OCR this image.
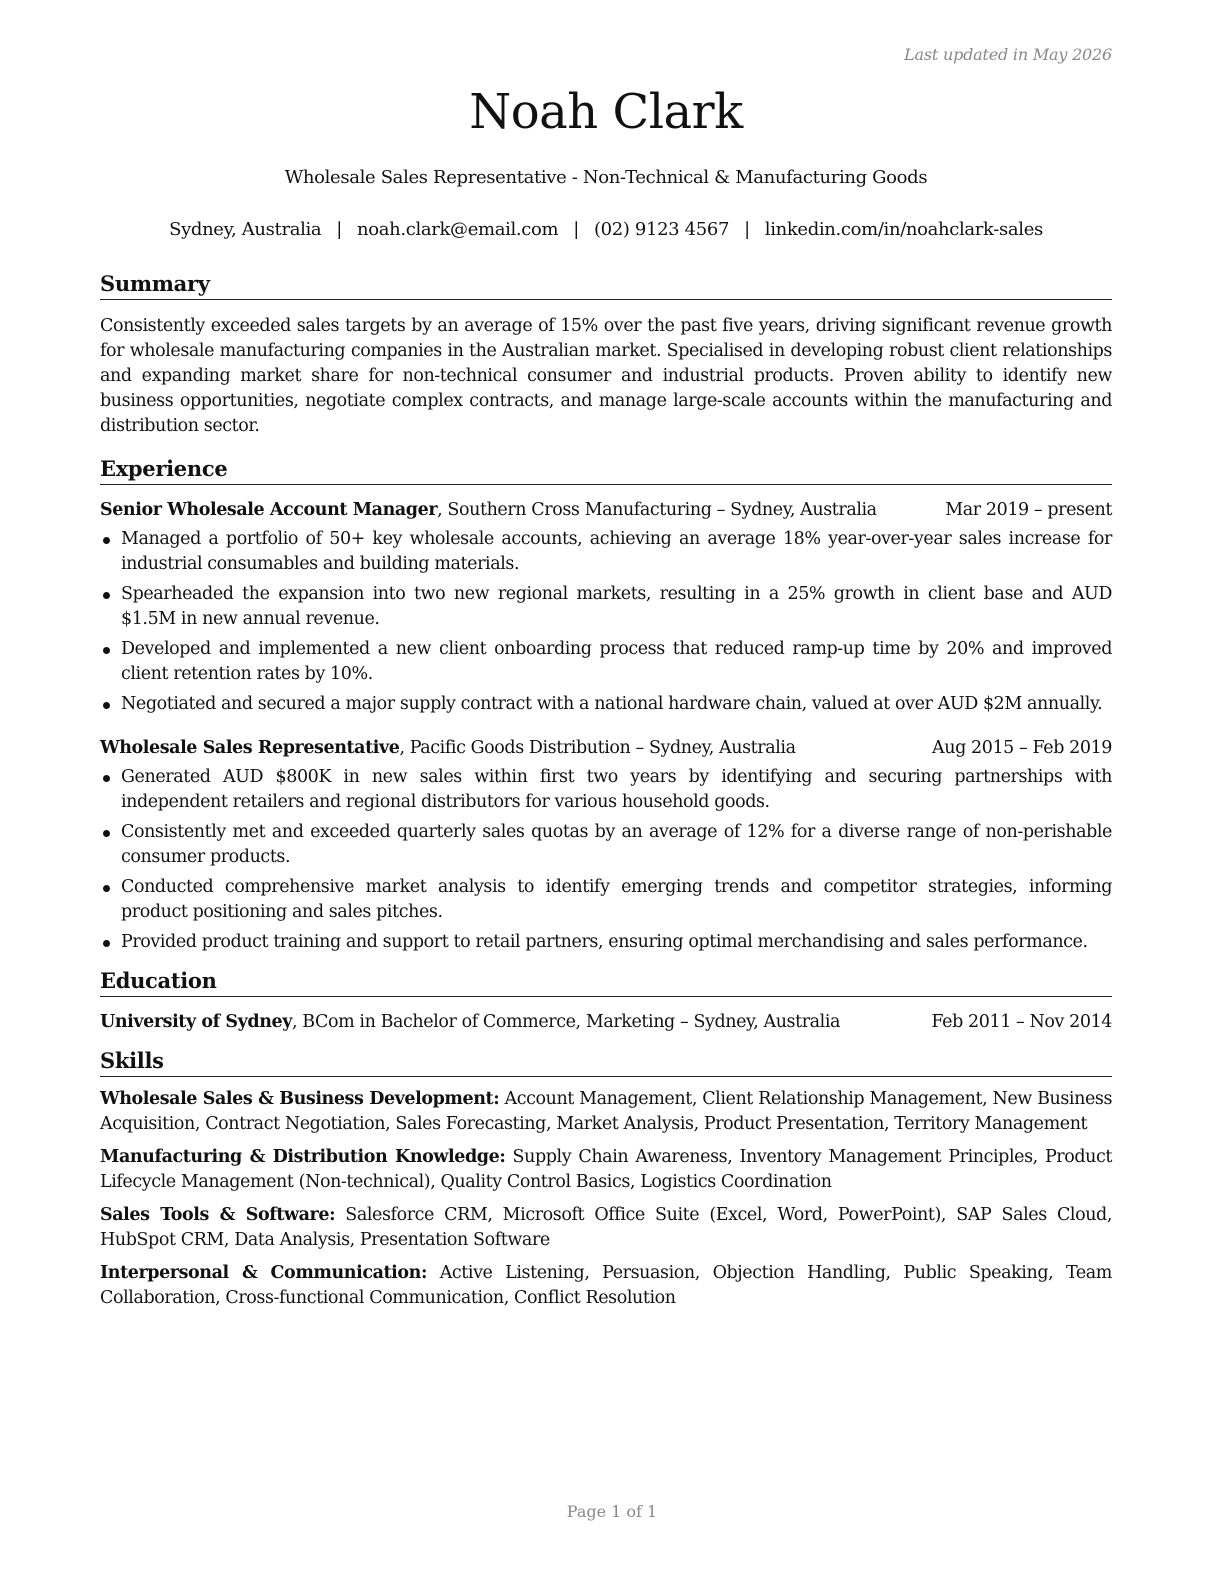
Last updated in May 2026
Noah Clark
Wholesale Sales Representative - Non-Technical & Manufacturing Goods
Sydney, Australia | noah.clark@email.com | (02) 9123 4567 | linkedin.com/in/noahclark-sales
Summary

Consistently exceeded sales targets by an average of 15% over the past five years, driving significant revenue growth for wholesale manufacturing companies in the Australian market. Specialised in developing robust client relationships and expanding market share for non-technical consumer and industrial products. Proven ability to identify new business opportunities, negotiate complex contracts, and manage large-scale accounts within the manufacturing and distribution sector.

Experience
Senior Wholesale Account Manager, Southern Cross Manufacturing – Sydney, Australia	Mar 2019 – present
Managed a portfolio of 50+ key wholesale accounts, achieving an average 18% year-over-year sales increase for industrial consumables and building materials.
Spearheaded the expansion into two new regional markets, resulting in a 25% growth in client base and AUD $1.5M in new annual revenue.
Developed and implemented a new client onboarding process that reduced ramp-up time by 20% and improved client retention rates by 10%.
Negotiated and secured a major supply contract with a national hardware chain, valued at over AUD $2M annually.
Wholesale Sales Representative, Pacific Goods Distribution – Sydney, Australia	Aug 2015 – Feb 2019
Generated AUD $800K in new sales within first two years by identifying and securing partnerships with independent retailers and regional distributors for various household goods.
Consistently met and exceeded quarterly sales quotas by an average of 12% for a diverse range of non-perishable consumer products.
Conducted comprehensive market analysis to identify emerging trends and competitor strategies, informing product positioning and sales pitches.
Provided product training and support to retail partners, ensuring optimal merchandising and sales performance.
Education
University of Sydney, BCom in Bachelor of Commerce, Marketing – Sydney, Australia	Feb 2011 – Nov 2014
Skills
Wholesale Sales & Business Development: Account Management, Client Relationship Management, New Business Acquisition, Contract Negotiation, Sales Forecasting, Market Analysis, Product Presentation, Territory Management
Manufacturing & Distribution Knowledge: Supply Chain Awareness, Inventory Management Principles, Product Lifecycle Management (Non-technical), Quality Control Basics, Logistics Coordination
Sales Tools & Software: Salesforce CRM, Microsoft Office Suite (Excel, Word, PowerPoint), SAP Sales Cloud, HubSpot CRM, Data Analysis, Presentation Software
Interpersonal & Communication: Active Listening, Persuasion, Objection Handling, Public Speaking, Team Collaboration, Cross-functional Communication, Conflict Resolution
Page 1 of 1
